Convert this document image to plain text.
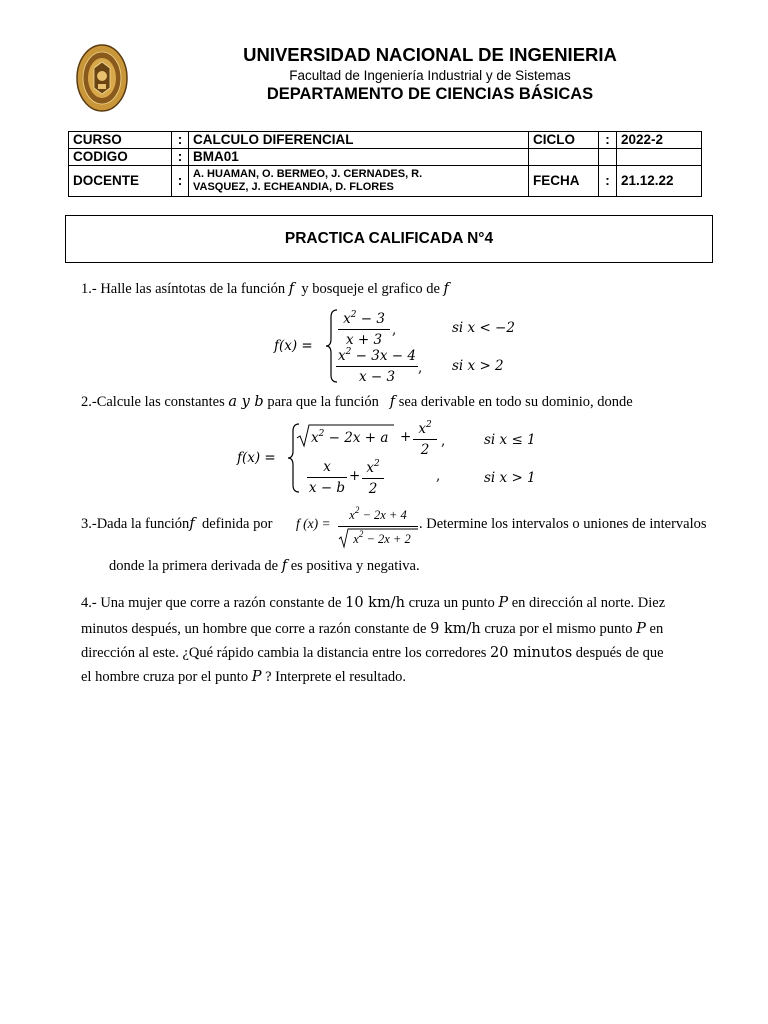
UNIVERSIDAD NACIONAL DE INGENIERIA
Facultad de Ingeniería Industrial y de Sistemas
DEPARTAMENTO DE CIENCIAS BÁSICAS
CURSO	:	CALCULO DIFERENCIAL	CICLO	:	2022-2
CODIGO	:	BMA01			
DOCENTE	:	A. HUAMAN, O. BERMEO, J. CERNADES, R.
VASQUEZ, J. ECHEANDIA, D. FLORES	FECHA	:	21.12.22
PRACTICA CALIFICADA N°4
1.- Halle las asíntotas de la función f y bosqueje el grafico de f
f(x) =
$x^2 - 3$
x + 3
,	si x < −2
$x^2 - 3x - 4$
x − 3
, si x > 2
2.-Calcule las constantes a y b para que la función f sea derivable en todo su dominio, donde
f(x) =
$x^2 - 2x + a + x^2$
2
,	si x ≤ 1
x
x − b
+ $x^2$
2
,	si x > 1
3.-Dada la funciónf definida por f (x) =
$x^2 - 2x + 4$
$x^2 - 2x + 2$
. Determine los intervalos o uniones de intervalos
donde la primera derivada de f es positiva y negativa.
4.- Una mujer que corre a razón constante de 10 km/h cruza un punto P en dirección al norte. Diez
minutos después, un hombre que corre a razón constante de 9 km/h cruza por el mismo punto P en
dirección al este. ¿Qué rápido cambia la distancia entre los corredores 20 minutos después de que
el hombre cruza por el punto P ? Interprete el resultado.
